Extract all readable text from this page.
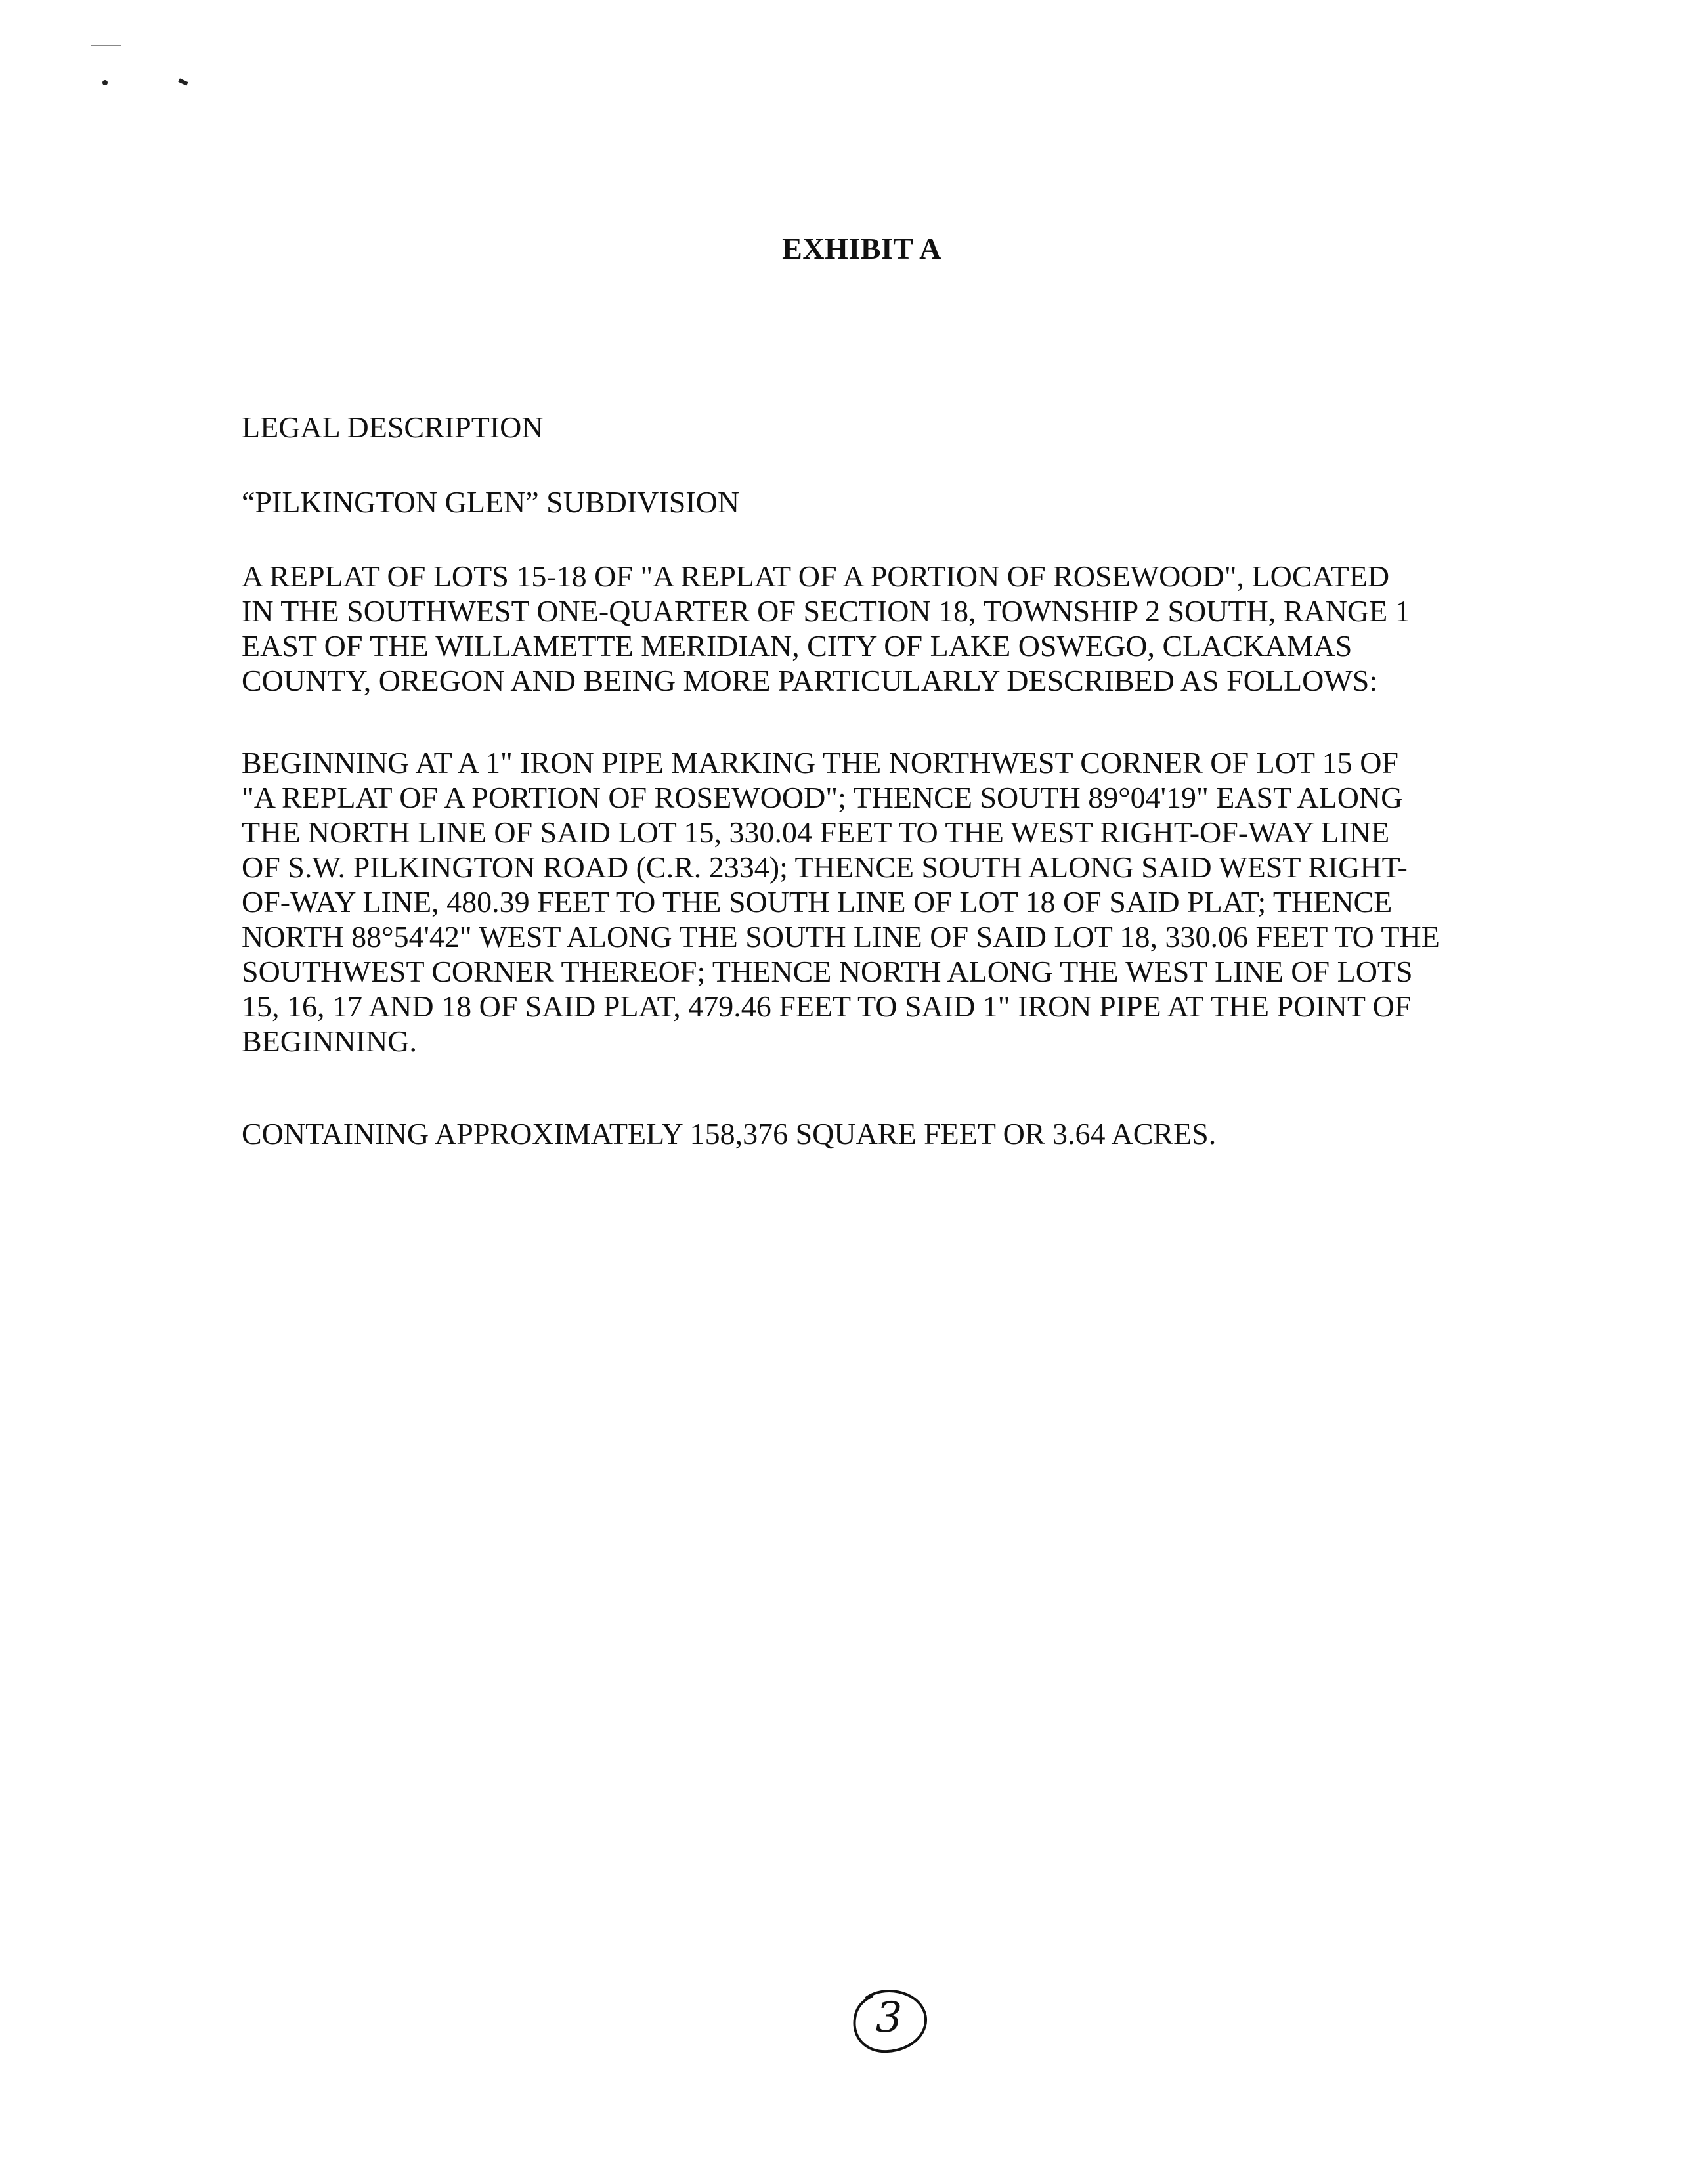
EXHIBIT A
LEGAL DESCRIPTION
“PILKINGTON GLEN” SUBDIVISION
A REPLAT OF LOTS 15-18 OF "A REPLAT OF A PORTION OF ROSEWOOD", LOCATED
IN THE SOUTHWEST ONE-QUARTER OF SECTION 18, TOWNSHIP 2 SOUTH, RANGE 1
EAST OF THE WILLAMETTE MERIDIAN, CITY OF LAKE OSWEGO, CLACKAMAS
COUNTY, OREGON AND BEING MORE PARTICULARLY DESCRIBED AS FOLLOWS:
BEGINNING AT A 1" IRON PIPE MARKING THE NORTHWEST CORNER OF LOT 15 OF
"A REPLAT OF A PORTION OF ROSEWOOD"; THENCE SOUTH 89°04'19" EAST ALONG
THE NORTH LINE OF SAID LOT 15, 330.04 FEET TO THE WEST RIGHT-OF-WAY LINE
OF S.W. PILKINGTON ROAD (C.R. 2334); THENCE SOUTH ALONG SAID WEST RIGHT-
OF-WAY LINE, 480.39 FEET TO THE SOUTH LINE OF LOT 18 OF SAID PLAT; THENCE
NORTH 88°54'42" WEST ALONG THE SOUTH LINE OF SAID LOT 18, 330.06 FEET TO THE
SOUTHWEST CORNER THEREOF; THENCE NORTH ALONG THE WEST LINE OF LOTS
15, 16, 17 AND 18 OF SAID PLAT, 479.46 FEET TO SAID 1" IRON PIPE AT THE POINT OF
BEGINNING.
CONTAINING APPROXIMATELY 158,376 SQUARE FEET OR 3.64 ACRES.
3
